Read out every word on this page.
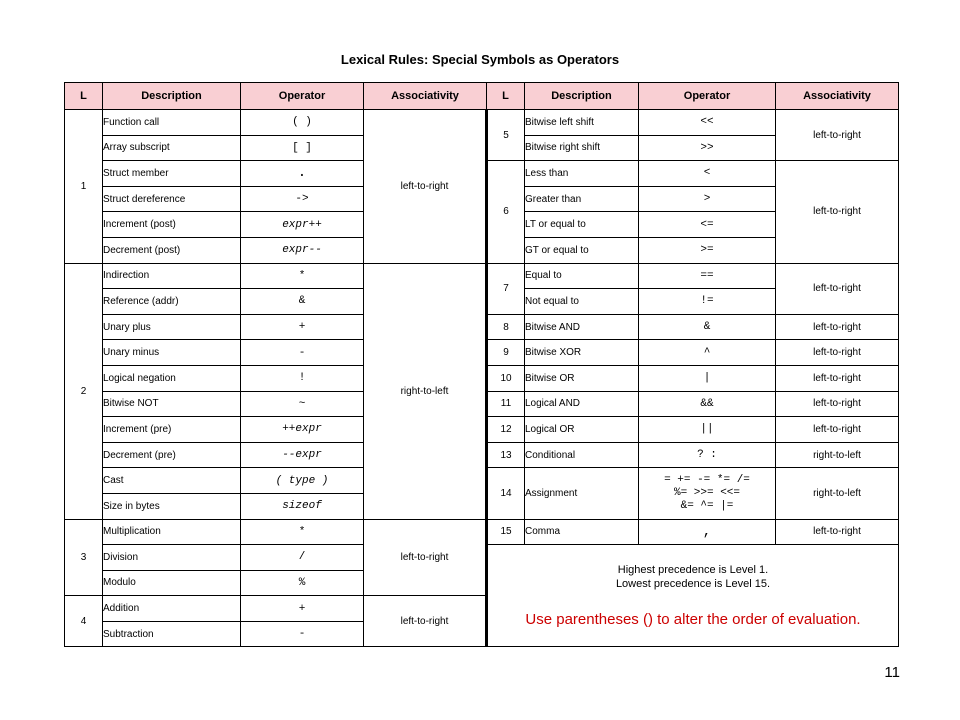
Lexical Rules: Special Symbols as Operators
L	Description	Operator	Associativity	L	Description	Operator	Associativity
1	Function call	( )	left-to-right	5	Bitwise left shift	<<	left-to-right
	Array subscript	[ ]			Bitwise right shift	>>	
	Struct member	.		6	Less than	<	left-to-right
	Struct dereference	->			Greater than	>	
	Increment (post)	expr++			LT or equal to	<=	
	Decrement (post)	expr--			GT or equal to	>=	
2	Indirection	*	right-to-left	7	Equal to	==	left-to-right
	Reference (addr)	&			Not equal to	!=	
	Unary plus	+		8	Bitwise AND	&	left-to-right
	Unary minus	-		9	Bitwise XOR	^	left-to-right
	Logical negation	!		10	Bitwise OR	|	left-to-right
	Bitwise NOT	~		11	Logical AND	&&	left-to-right
	Increment (pre)	++expr		12	Logical OR	||	left-to-right
	Decrement (pre)	--expr		13	Conditional	? :	right-to-left
	Cast	( type )		14	Assignment	= += -= *= /=
%= >>= <<=
&= ^= |=	right-to-left
	Size in bytes	sizeof					
3	Multiplication	*	left-to-right	15	Comma	,	left-to-right
	Division	/		Highest precedence is Level 1.
Lowest precedence is Level 15.
Use parentheses () to alter the order of evaluation.			

	Modulo	%					
4	Addition	+	left-to-right				
	Subtraction	-					
11
